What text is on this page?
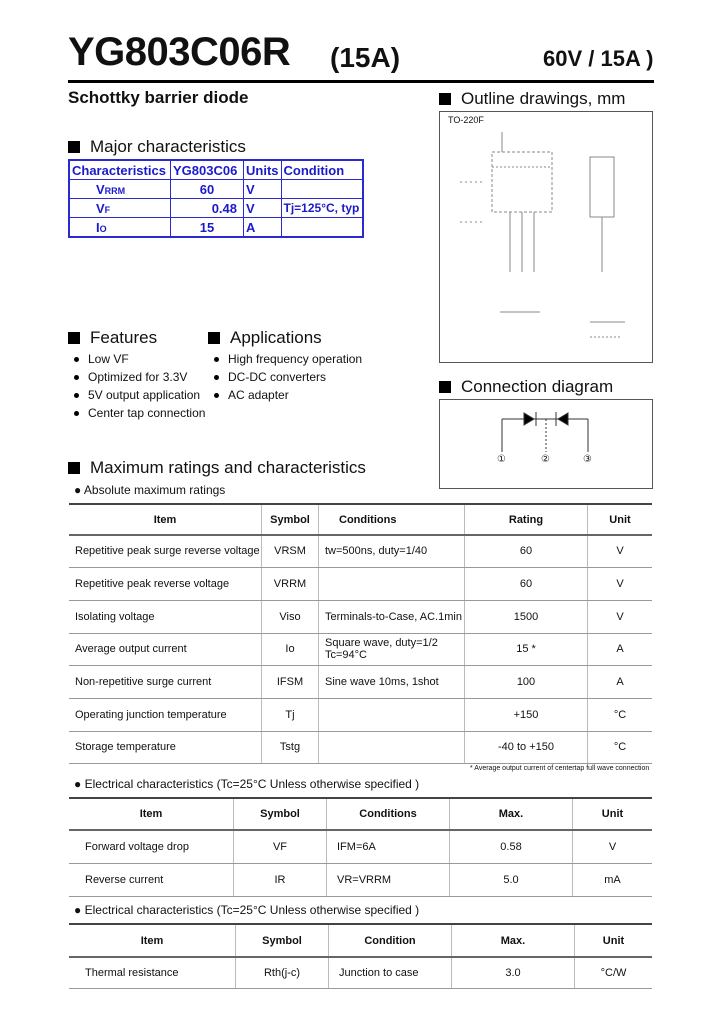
YG803C06R (15A)	60V / 15A )
Schottky barrier diode
Major characteristics
Characteristics	YG803C06	Units	Condition
VRRM	60	V	
VF	0.48	V	Tj=125°C, typ
IO	15	A	
Outline drawings, mm
TO-220F
Connection diagram
①	②	③
Features
Low VF
Optimized for 3.3V
5V output application
Center tap connection
Applications
High frequency operation
DC-DC converters
AC adapter
Maximum ratings and characteristics
● Absolute maximum ratings
Item	Symbol	Conditions	Rating	Unit
Repetitive peak surge reverse voltage	VRSM	tw=500ns, duty=1/40	60	V
Repetitive peak reverse voltage	VRRM		60	V
Isolating voltage	Viso	Terminals-to-Case, AC.1min	1500	V
Average output current	Io	Square wave, duty=1/2 Tc=94°C	15 *	A
Non-repetitive surge current	IFSM	Sine wave 10ms, 1shot	100	A
Operating junction temperature	Tj		+150	°C
Storage temperature	Tstg		-40 to +150	°C
* Average output current of centertap full wave connection
● Electrical characteristics (Tc=25°C Unless otherwise specified )
Item	Symbol	Conditions	Max.	Unit
Forward voltage drop	VF	IFM=6A	0.58	V
Reverse current	IR	VR=VRRM	5.0	mA
● Electrical characteristics (Tc=25°C Unless otherwise specified )
Item	Symbol	Condition	Max.	Unit
Thermal resistance	Rth(j-c)	Junction to case	3.0	°C/W
